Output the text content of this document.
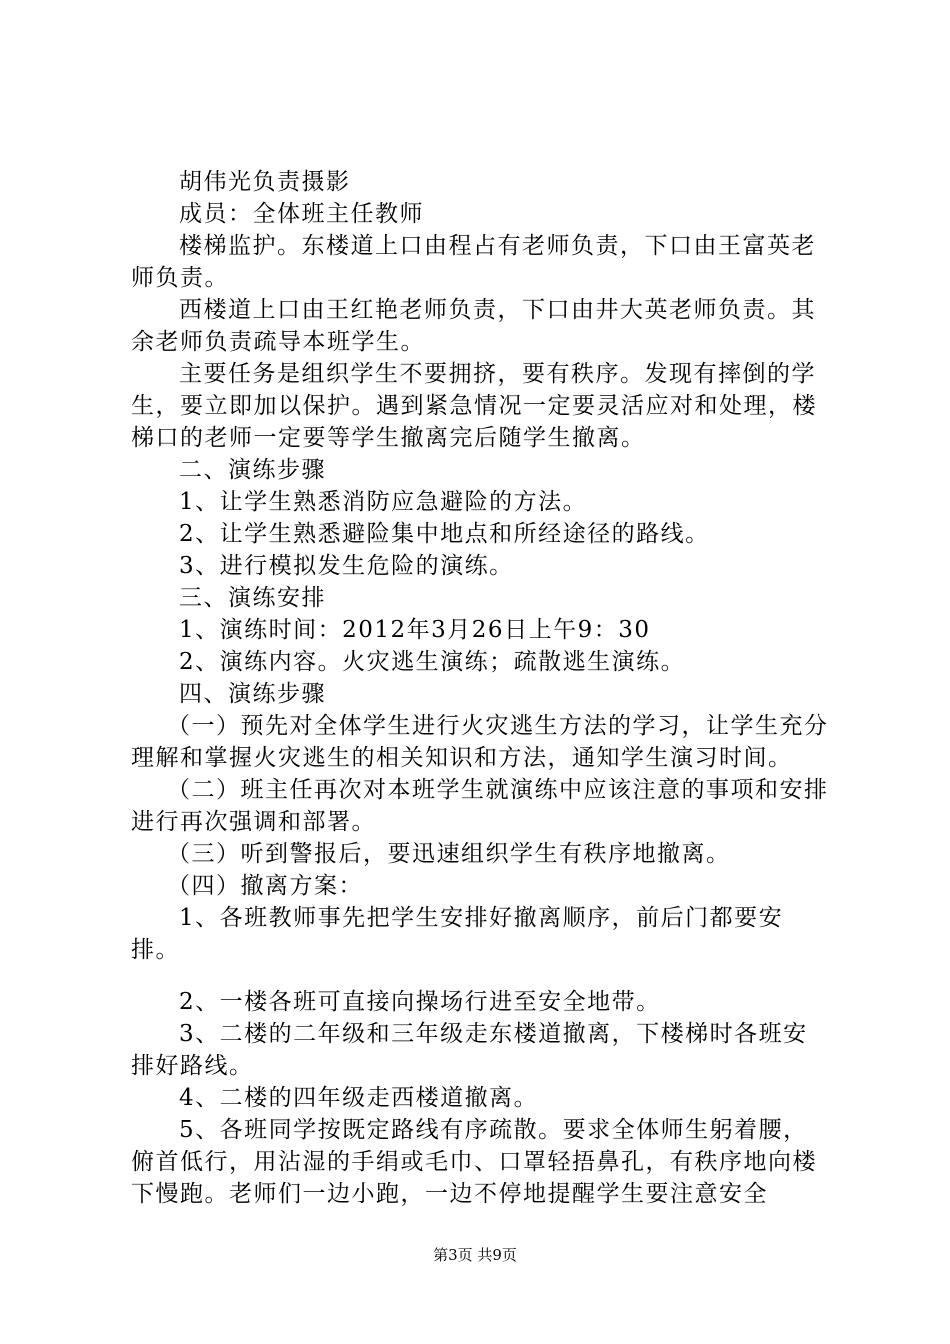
胡伟光负责摄影

成员：全体班主任教师

楼梯监护。东楼道上口由程占有老师负责，下口由王富英老师负责。

西楼道上口由王红艳老师负责，下口由井大英老师负责。其余老师负责疏导本班学生。

主要任务是组织学生不要拥挤，要有秩序。发现有摔倒的学生，要立即加以保护。遇到紧急情况一定要灵活应对和处理，楼梯口的老师一定要等学生撤离完后随学生撤离。

二、演练步骤

1、让学生熟悉消防应急避险的方法。

2、让学生熟悉避险集中地点和所经途径的路线。

3、进行模拟发生危险的演练。

三、演练安排

1、演练时间：2012年3月26日上午9：30

2、演练内容。火灾逃生演练；疏散逃生演练。

四、演练步骤

（一）预先对全体学生进行火灾逃生方法的学习，让学生充分理解和掌握火灾逃生的相关知识和方法，通知学生演习时间。

（二）班主任再次对本班学生就演练中应该注意的事项和安排进行再次强调和部署。

（三）听到警报后，要迅速组织学生有秩序地撤离。

（四）撤离方案：

1、各班教师事先把学生安排好撤离顺序，前后门都要安排。

2、一楼各班可直接向操场行进至安全地带。

3、二楼的二年级和三年级走东楼道撤离，下楼梯时各班安排好路线。

4、二楼的四年级走西楼道撤离。

5、各班同学按既定路线有序疏散。要求全体师生躬着腰，俯首低行，用沾湿的手绢或毛巾、口罩轻捂鼻孔，有秩序地向楼下慢跑。老师们一边小跑，一边不停地提醒学生要注意安全

第3页 共9页
